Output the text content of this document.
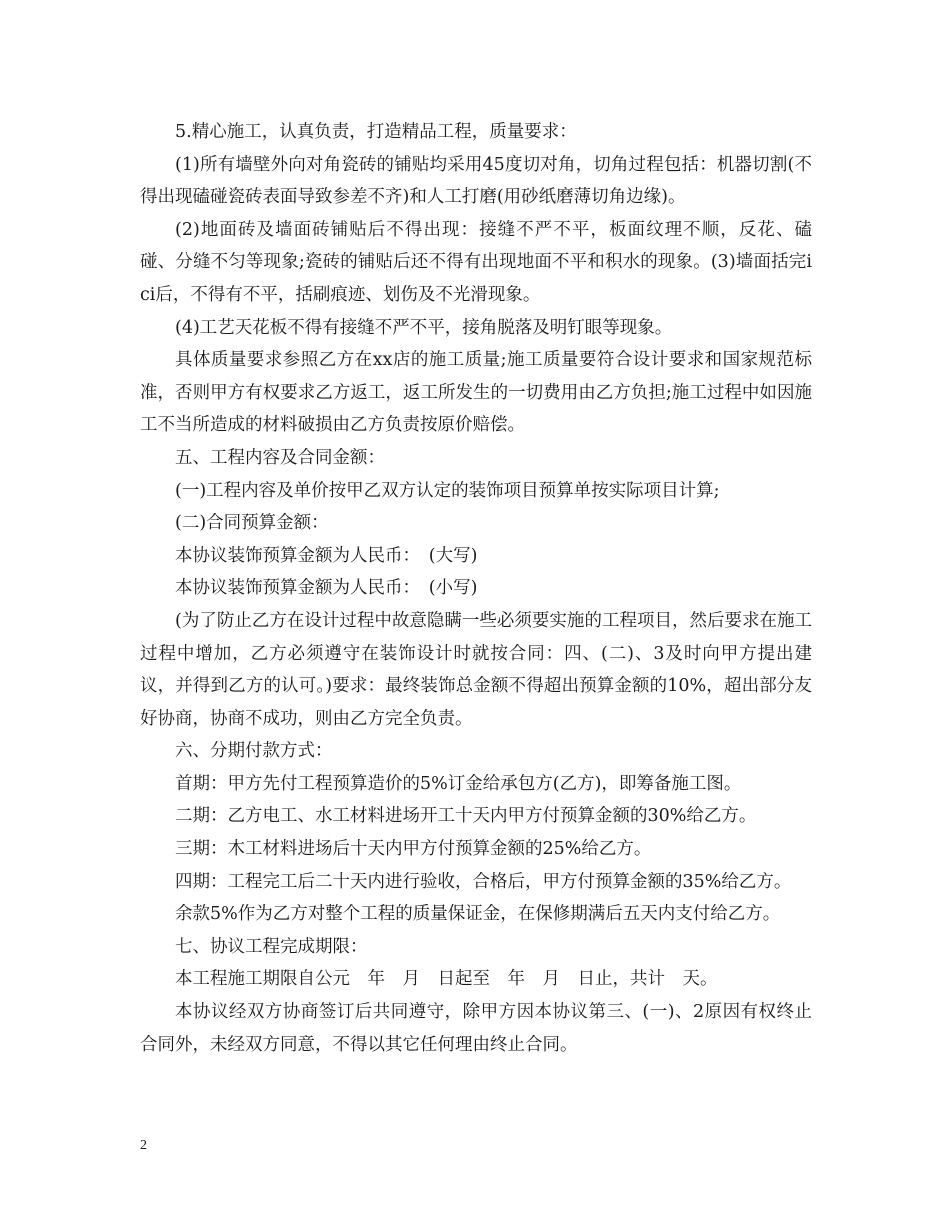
5.精心施工，认真负责，打造精品工程，质量要求：

(1)所有墙壁外向对角瓷砖的铺贴均采用45度切对角，切角过程包括：机器切割(不得出现磕碰瓷砖表面导致参差不齐)和人工打磨(用砂纸磨薄切角边缘)。

(2)地面砖及墙面砖铺贴后不得出现：接缝不严不平，板面纹理不顺，反花、磕碰、分缝不匀等现象;瓷砖的铺贴后还不得有出现地面不平和积水的现象。(3)墙面括完ici后，不得有不平，括刷痕迹、划伤及不光滑现象。

(4)工艺天花板不得有接缝不严不平，接角脱落及明钉眼等现象。

具体质量要求参照乙方在xx店的施工质量;施工质量要符合设计要求和国家规范标准，否则甲方有权要求乙方返工，返工所发生的一切费用由乙方负担;施工过程中如因施工不当所造成的材料破损由乙方负责按原价赔偿。

五、工程内容及合同金额：

(一)工程内容及单价按甲乙双方认定的装饰项目预算单按实际项目计算;

(二)合同预算金额：

本协议装饰预算金额为人民币：　(大写)

本协议装饰预算金额为人民币：　(小写)

(为了防止乙方在设计过程中故意隐瞒一些必须要实施的工程项目，然后要求在施工过程中增加，乙方必须遵守在装饰设计时就按合同：四、(二)、3及时向甲方提出建议，并得到乙方的认可。)要求：最终装饰总金额不得超出预算金额的10%，超出部分友好协商，协商不成功，则由乙方完全负责。

六、分期付款方式：

首期：甲方先付工程预算造价的5%订金给承包方(乙方)，即筹备施工图。

二期：乙方电工、水工材料进场开工十天内甲方付预算金额的30%给乙方。

三期：木工材料进场后十天内甲方付预算金额的25%给乙方。

四期：工程完工后二十天内进行验收，合格后，甲方付预算金额的35%给乙方。

余款5%作为乙方对整个工程的质量保证金，在保修期满后五天内支付给乙方。

七、协议工程完成期限：

本工程施工期限自公元　年　月　日起至　年　月　日止，共计　天。

本协议经双方协商签订后共同遵守，除甲方因本协议第三、(一)、2原因有权终止合同外，未经双方同意，不得以其它任何理由终止合同。

2
